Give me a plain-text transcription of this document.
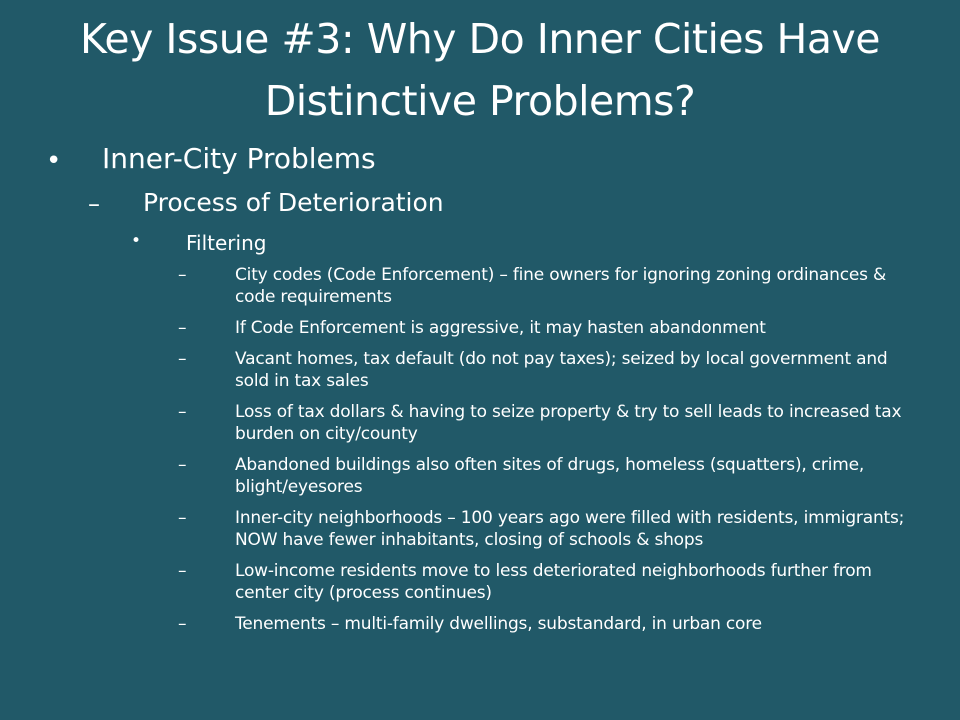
Key Issue #3: Why Do Inner Cities Have Distinctive Problems?
• Inner-City Problems
– Process of Deterioration
• Filtering
–	City codes (Code Enforcement) – fine owners for ignoring zoning ordinances & code requirements
–	If Code Enforcement is aggressive, it may hasten abandonment
–	Vacant homes, tax default (do not pay taxes); seized by local government and sold in tax sales
–	Loss of tax dollars & having to seize property & try to sell leads to increased tax burden on city/county
–	Abandoned buildings also often sites of drugs, homeless (squatters), crime, blight/eyesores
–	Inner-city neighborhoods – 100 years ago were filled with residents, immigrants; NOW have fewer inhabitants, closing of schools & shops
–	Low-income residents move to less deteriorated neighborhoods further from center city (process continues)
–	Tenements – multi-family dwellings, substandard, in urban core
